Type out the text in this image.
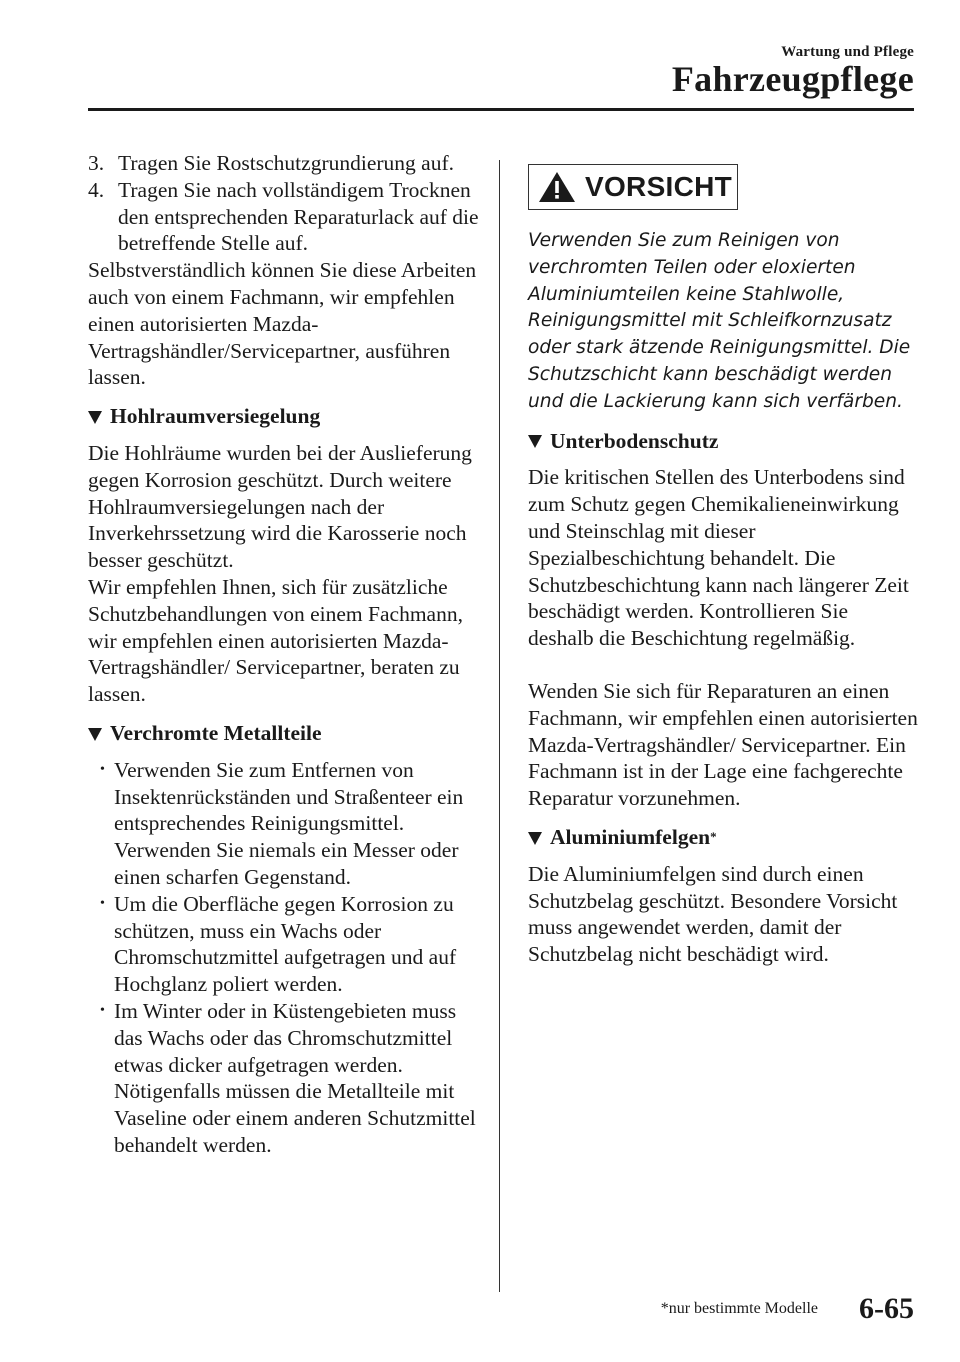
Wartung und Pflege
Fahrzeugpflege
3. Tragen Sie Rostschutzgrundierung auf.
4. Tragen Sie nach vollständigem Trocknen den entsprechenden Reparaturlack auf die betreffende Stelle auf.

Selbstverständlich können Sie diese Arbeiten auch von einem Fachmann, wir empfehlen einen autorisierten Mazda-Vertragshändler/Servicepartner, ausführen lassen.

Hohlraumversiegelung

Die Hohlräume wurden bei der Auslieferung gegen Korrosion geschützt. Durch weitere Hohlraumversiegelungen nach der Inverkehrssetzung wird die Karosserie noch besser geschützt.

Wir empfehlen Ihnen, sich für zusätzliche Schutzbehandlungen von einem Fachmann, wir empfehlen einen autorisierten Mazda-Vertragshändler/ Servicepartner, beraten zu lassen.

Verchromte Metallteile
• Verwenden Sie zum Entfernen von Insektenrückständen und Straßenteer ein entsprechendes Reinigungsmittel. Verwenden Sie niemals ein Messer oder einen scharfen Gegenstand.
• Um die Oberfläche gegen Korrosion zu schützen, muss ein Wachs oder Chromschutzmittel aufgetragen und auf Hochglanz poliert werden.
• Im Winter oder in Küstengebieten muss das Wachs oder das Chromschutzmittel etwas dicker aufgetragen werden. Nötigenfalls müssen die Metallteile mit Vaseline oder einem anderen Schutzmittel behandelt werden.
VORSICHT

Verwenden Sie zum Reinigen von verchromten Teilen oder eloxierten Aluminiumteilen keine Stahlwolle, Reinigungsmittel mit Schleifkornzusatz oder stark ätzende Reinigungsmittel. Die Schutzschicht kann beschädigt werden und die Lackierung kann sich verfärben.

Unterbodenschutz

Die kritischen Stellen des Unterbodens sind zum Schutz gegen Chemikalieneinwirkung und Steinschlag mit dieser Spezialbeschichtung behandelt. Die Schutzbeschichtung kann nach längerer Zeit beschädigt werden. Kontrollieren Sie deshalb die Beschichtung regelmäßig.

Wenden Sie sich für Reparaturen an einen Fachmann, wir empfehlen einen autorisierten Mazda-Vertragshändler/ Servicepartner. Ein Fachmann ist in der Lage eine fachgerechte Reparatur vorzunehmen.

Aluminiumfelgen *

Die Aluminiumfelgen sind durch einen Schutzbelag geschützt. Besondere Vorsicht muss angewendet werden, damit der Schutzbelag nicht beschädigt wird.

*nur bestimmte Modelle 6-65
